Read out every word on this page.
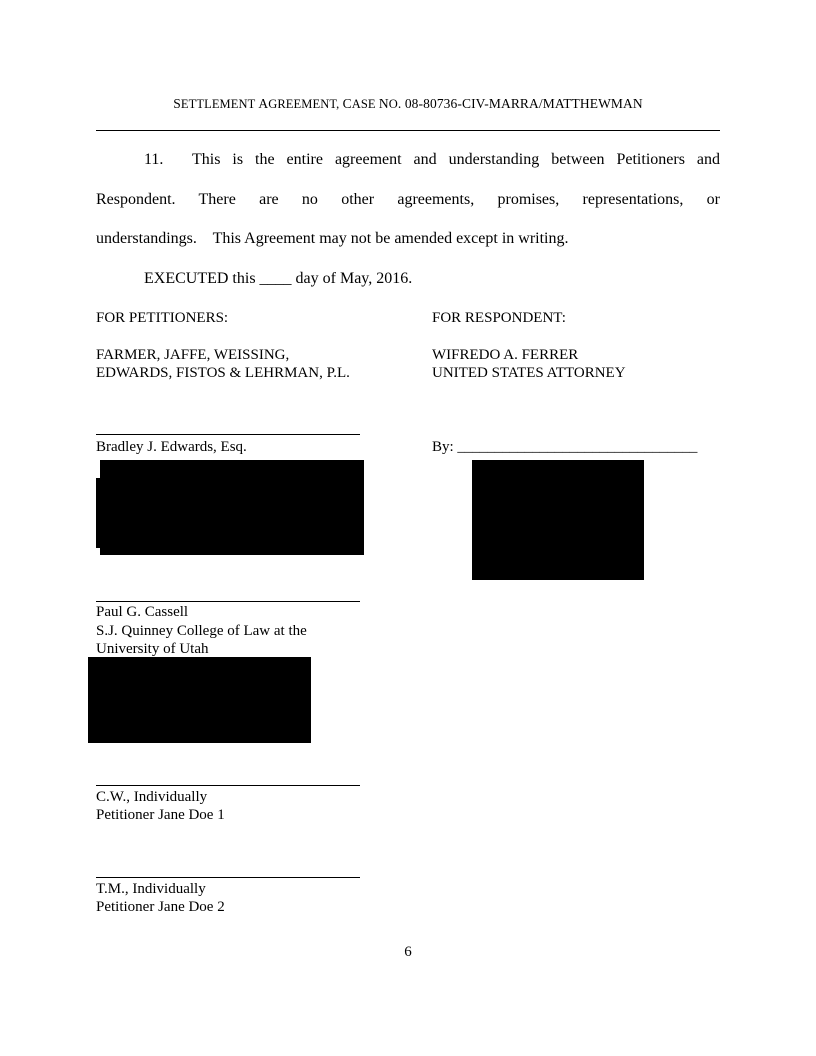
SETTLEMENT AGREEMENT, CASE NO. 08-80736-CIV-MARRA/MATTHEWMAN
11. This is the entire agreement and understanding between Petitioners and
Respondent. There are no other agreements, promises, representations, or
understandings.    This Agreement may not be amended except in writing.
EXECUTED this ____ day of May, 2016.
FOR PETITIONERS:
FARMER, JAFFE, WEISSING,
EDWARDS, FISTOS & LEHRMAN, P.L.
Bradley J. Edwards, Esq.
Paul G. Cassell
S.J. Quinney College of Law at the
University of Utah
C.W., Individually
Petitioner Jane Doe 1
T.M., Individually
Petitioner Jane Doe 2
FOR RESPONDENT:
WIFREDO A. FERRER
UNITED STATES ATTORNEY
By: ________________________________
6
